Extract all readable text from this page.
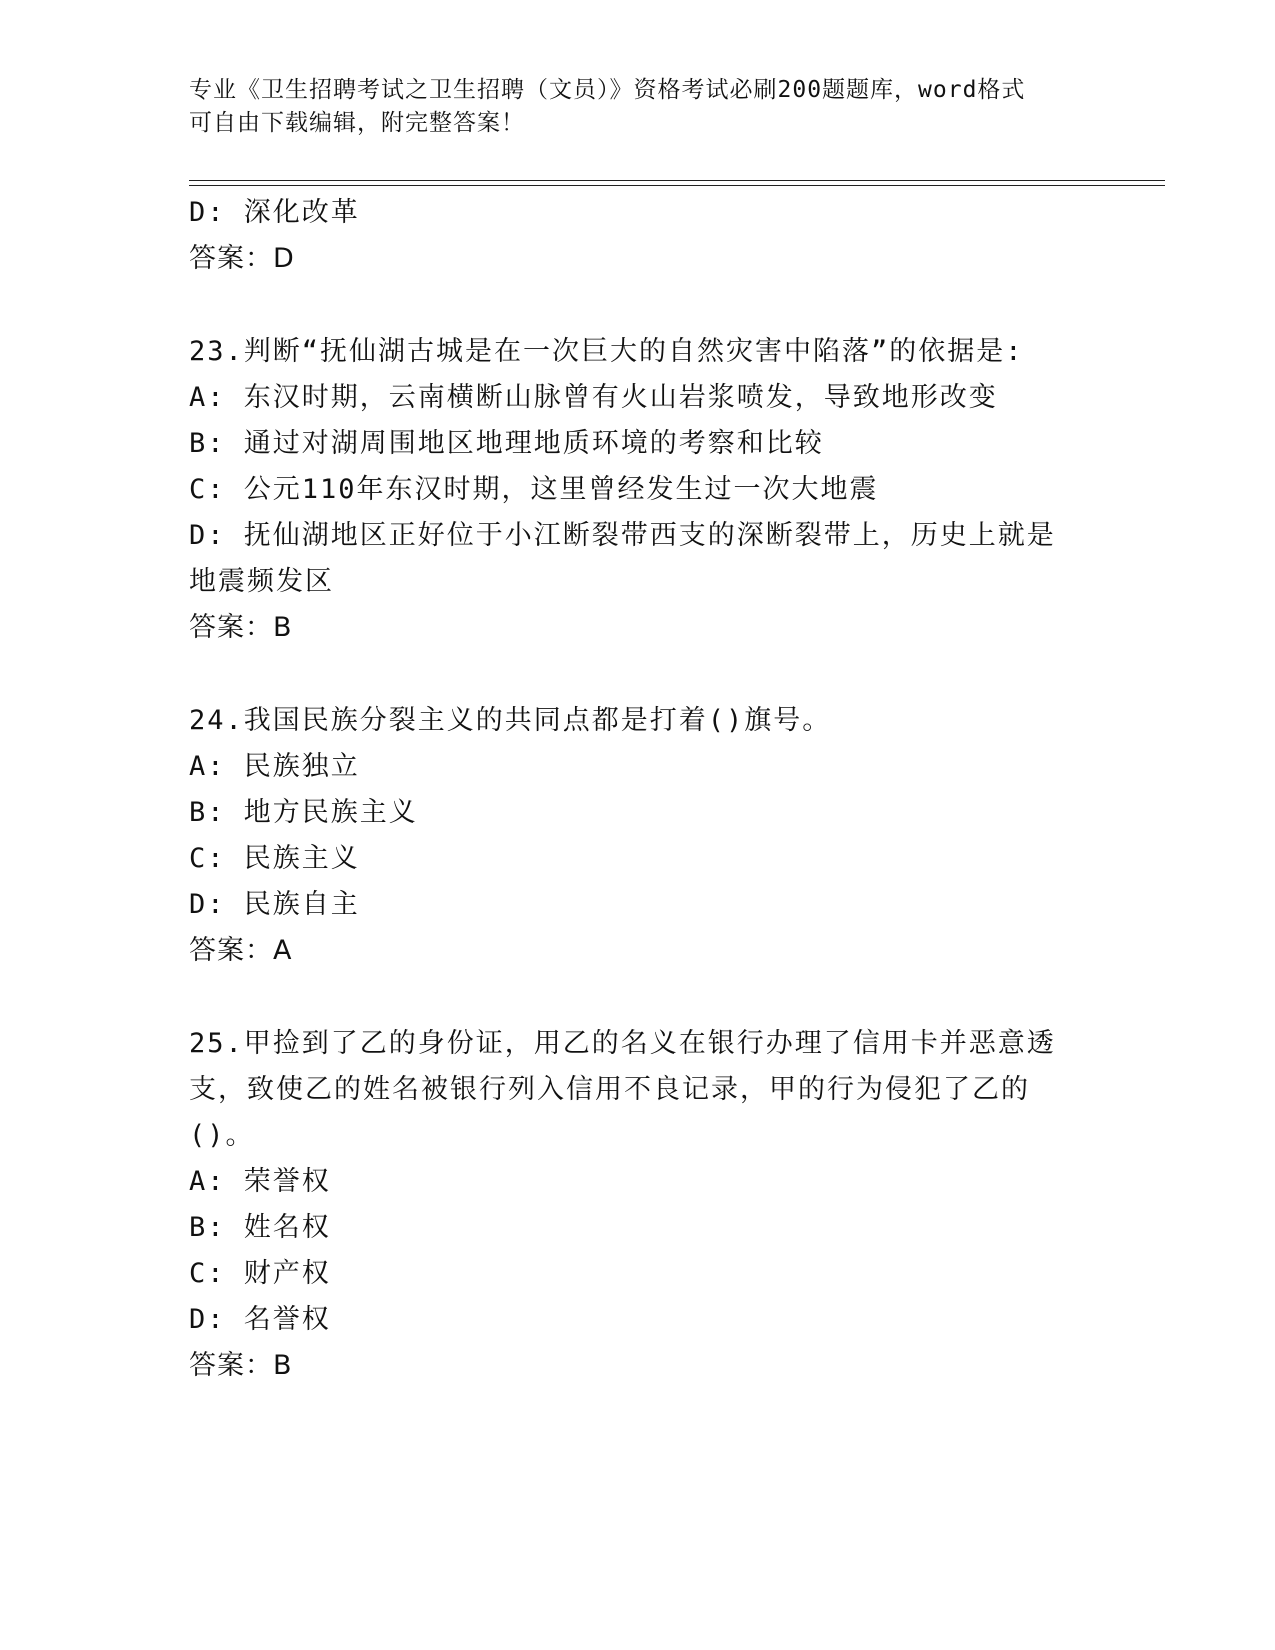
专业《卫生招聘考试之卫生招聘（文员）》资格考试必刷200题题库，word格式
可自由下载编辑，附完整答案！
D: 深化改革
答案：D
23.判断“抚仙湖古城是在一次巨大的自然灾害中陷落”的依据是:
A: 东汉时期，云南横断山脉曾有火山岩浆喷发，导致地形改变
B: 通过对湖周围地区地理地质环境的考察和比较
C: 公元110年东汉时期，这里曾经发生过一次大地震
D: 抚仙湖地区正好位于小江断裂带西支的深断裂带上，历史上就是地震频发区
答案：B
24.我国民族分裂主义的共同点都是打着()旗号。
A: 民族独立
B: 地方民族主义
C: 民族主义
D: 民族自主
答案：A
25.甲捡到了乙的身份证，用乙的名义在银行办理了信用卡并恶意透支，致使乙的姓名被银行列入信用不良记录，甲的行为侵犯了乙的()。
A: 荣誉权
B: 姓名权
C: 财产权
D: 名誉权
答案：B
